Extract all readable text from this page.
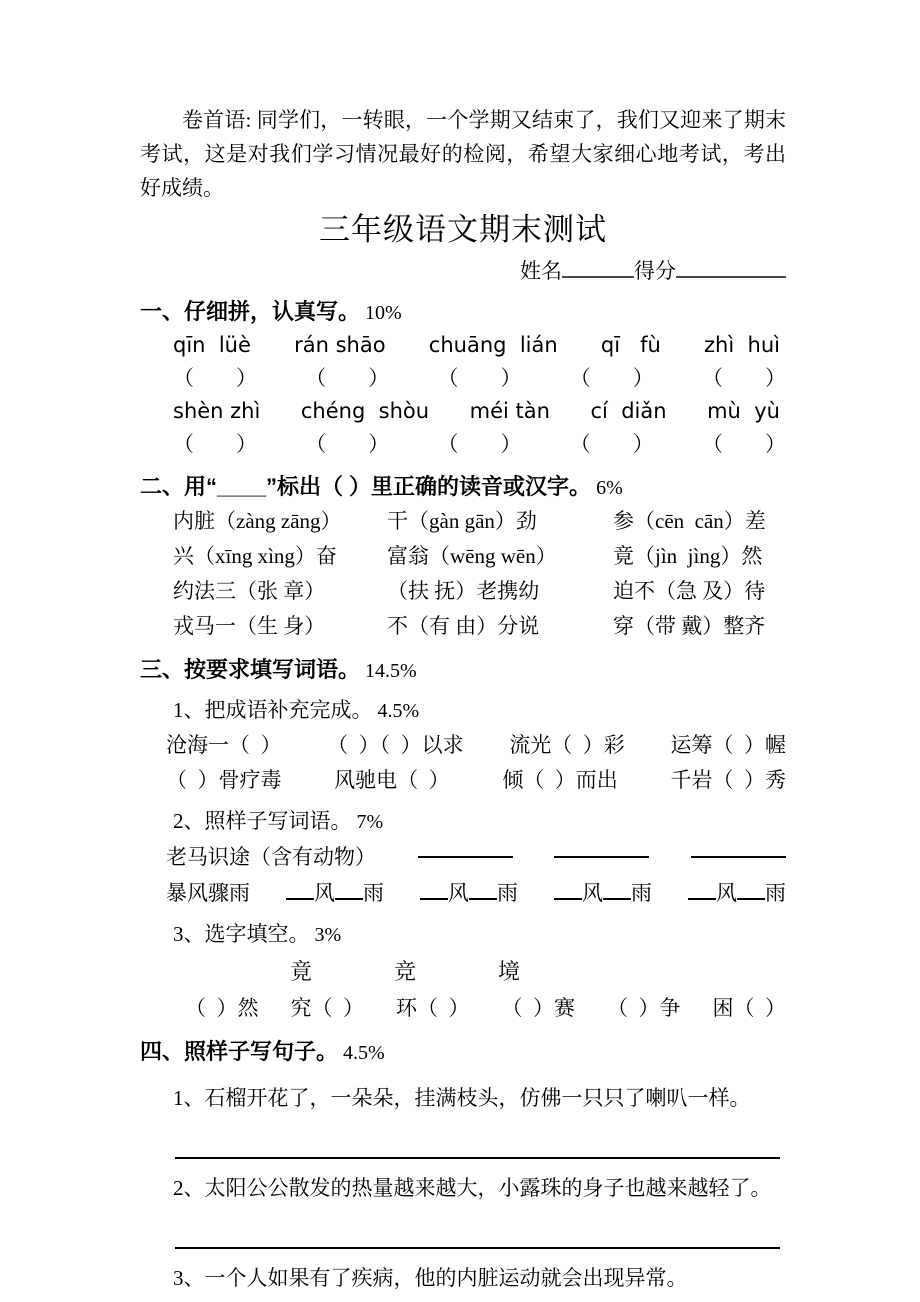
卷首语: 同学们，一转眼，一个学期又结束了，我们又迎来了期末考试，这是对我们学习情况最好的检阅，希望大家细心地考试，考出好成绩。

三年级语文期末测试
姓名	得分
一、仔细拼，认真写。 10%
qīn  lüè rán shāo chuāng  lián qī   fù zhì  huì
（        ） （        ） （        ） （        ） （        ）
shèn zhì chéng  shòu méi tàn cí  diǎn mù  yù
（        ） （        ） （        ） （        ） （        ）
二、用“____”标出（ ）里正确的读音或汉字。 6%
内脏（zàng zāng）	干（gàn gān）劲	参（cēn  cān）差
兴（xīng xìng）奋	富翁（wēng wēn）	竟（jìn  jìng）然
约法三（张 章）	（扶 抚）老携幼	迫不（急 及）待
戎马一（生 身）	不（有 由）分说	穿（带 戴）整齐
三、按要求填写词语。 14.5%
1、把成语补充完成。 4.5%
沧海一（  ） （  ）（  ）以求 流光（  ）彩 运筹（  ）幄
（  ）骨疗毒	风驰电（  ）	倾（  ）而出	千岩（  ）秀
2、照样子写词语。 7%
老马识途（含有动物）
暴风骤雨	风 雨	风 雨	风 雨	风 雨
3、选字填空。 3%
竟	竞	境
（  ）然 究（  ） 环（  ） （  ）赛 （  ）争 困（  ）
四、照样子写句子。 4.5%
1、石榴开花了，一朵朵，挂满枝头，仿佛一只只了喇叭一样。
2、太阳公公散发的热量越来越大，小露珠的身子也越来越轻了。
3、一个人如果有了疾病，他的内脏运动就会出现异常。
